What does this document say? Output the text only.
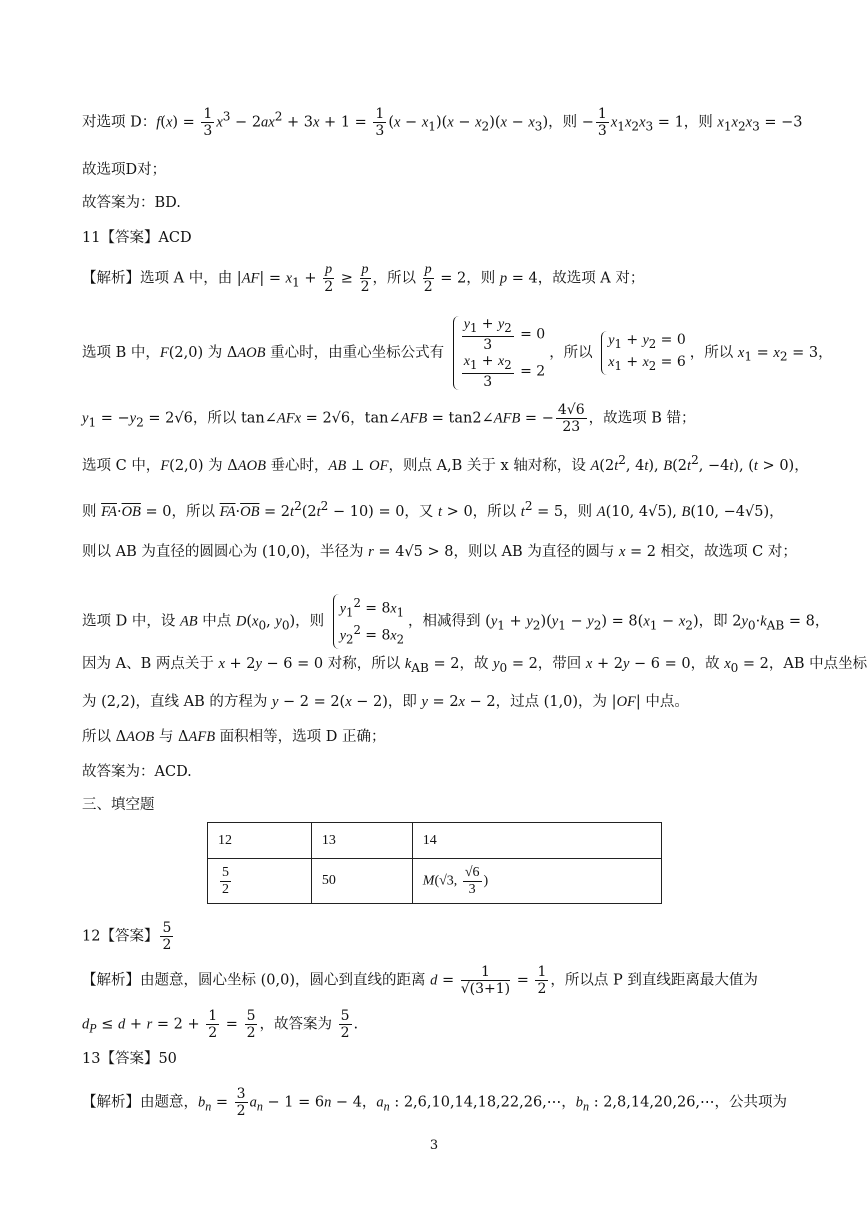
对选项 D：$f(x) = \frac{1}{3} x^3 - 2ax^2 + 3x + 1 = \frac{1}{3} (x - x_1)(x - x_2)(x - x_3)$，则 − $\frac{1}{3} x_1x_2x_3 = 1$，则 $x_1x_2x_3 = -3$
故选项D对；
故答案为：BD.
11【答案】ACD
【解析】选项 A 中，由 $|AF| = x_1 + \frac{p}{2} \ge \frac{p}{2}$ ，所以 $\frac{p}{2} = 2$，则 p = 4，故选项 A 对；
选项 B 中，F(2,0) 为 ΔAOB 重心时，由重心坐标公式有 $\frac{y_1 + y_2}{3} = 0$
$\frac{x_1 + x_2}{3} = 2$
，所以
$y_1 + y_2 = 0$
$x_1 + x_2 = 6$
，所以 $x_1 = x_2 = 3$，
$y_1 = -y_2 = 2√6$，所以 tan∠AFx = 2√6，tan∠AFB = tan2∠AFB = − $\frac{4√6}{23}$ ，故选项 B 错；
选项 C 中，F(2,0) 为 ΔAOB 垂心时，AB ⊥ OF，则点 A,B 关于 x 轴对称，设 $A(2t^2$, 4t), $B(2t^2$, −4t), (t > 0)，
则 $\overline{FA}\cdot\overline{OB} = 0$，所以 $\overline{FA}\cdot\overline{OB} = 2t^2(2t^2 - 10) = 0$，又 t > 0，所以 $t^2 = 5$，则 A(10, 4√5), B(10, −4√5)，
则以 AB 为直径的圆圆心为 (10,0)，半径为 r = 4√5 > 8，则以 AB 为直径的圆与 x = 2 相交，故选项 C 对；
选项 D 中，设 AB 中点 $D(x_0$, $y_0$)，则
$y_1^2 = 8x_1$
$y_2^2 = 8x_2$
，相减得到 $(y_1 + y_2)(y_1 - y_2) = 8(x_1 - x_2)$，即 $2y_0\cdot k_{AB} = 8$，
因为 A、B 两点关于 x + 2y − 6 = 0 对称，所以 $k_{AB} = 2$，故 $y_0 = 2$，带回 x + 2y − 6 = 0，故 $x_0 = 2$，AB 中点坐标
为 (2,2)，直线 AB 的方程为 y − 2 = 2(x − 2)，即 y = 2x − 2，过点 (1,0)，为 |OF| 中点。
所以 ΔAOB 与 ΔAFB 面积相等，选项 D 正确；
故答案为：ACD.
三、填空题
12	13	14

$\frac{5}{2}$	50	M(√3, $\frac{√6}{3}$ )
12【答案】 $\frac{5}{2}$
【解析】由题意，圆心坐标 (0,0)，圆心到直线的距离 $d = \frac{1}{√(3+1)} = \frac{1}{2}$ ，所以点 P 到直线距离最大值为
$d_P \le d + r = 2 + \frac{1}{2} = \frac{5}{2}$ ，故答案为 $\frac{5}{2}$ .
13【答案】50
【解析】由题意，$b_n = \frac{3}{2} a_n - 1 = 6n - 4$，$a_n$ : 2,6,10,14,18,22,26,⋯，$b_n$ : 2,8,14,20,26,⋯，公共项为
3
